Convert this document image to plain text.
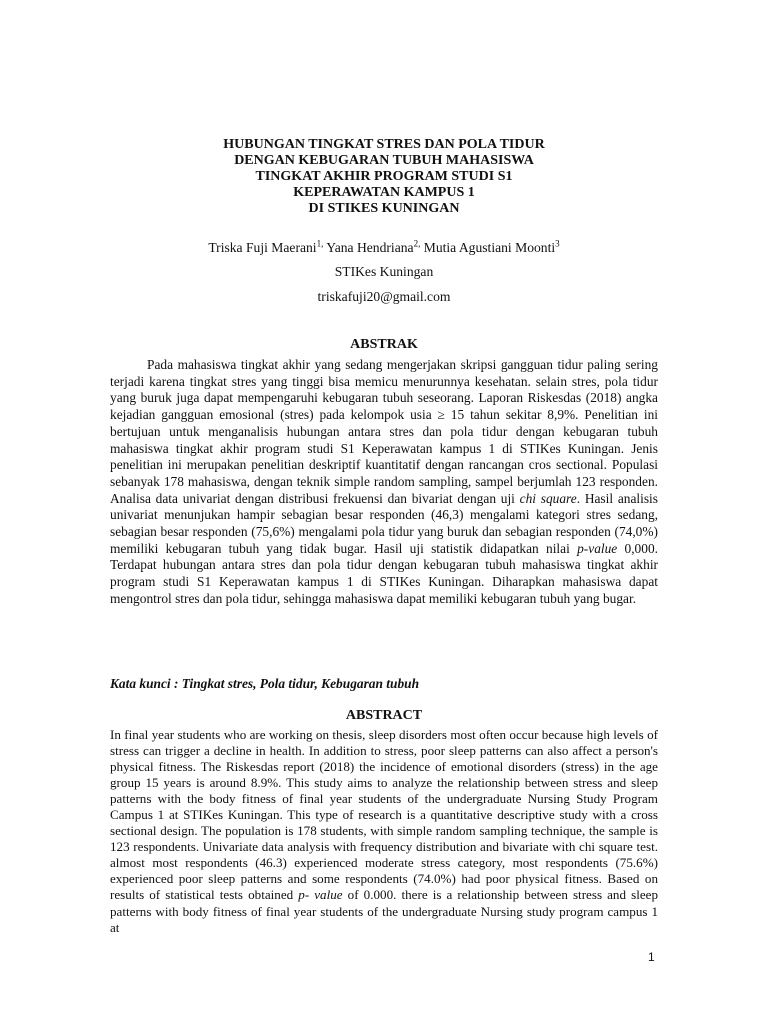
HUBUNGAN TINGKAT STRES DAN POLA TIDUR
DENGAN KEBUGARAN TUBUH MAHASISWA
TINGKAT AKHIR PROGRAM STUDI S1
KEPERAWATAN KAMPUS 1
DI STIKES KUNINGAN
Triska Fuji Maerani$^{1,}$ Yana Hendriana$^{2,}$ Mutia Agustiani Moonti$^3$
STIKes Kuningan
triskafuji20@gmail.com
ABSTRAK

Pada mahasiswa tingkat akhir yang sedang mengerjakan skripsi gangguan tidur paling sering terjadi karena tingkat stres yang tinggi bisa memicu menurunnya kesehatan. selain stres, pola tidur yang buruk juga dapat mempengaruhi kebugaran tubuh seseorang. Laporan Riskesdas (2018) angka kejadian gangguan emosional (stres) pada kelompok usia ≥ 15 tahun sekitar 8,9%. Penelitian ini bertujuan untuk menganalisis hubungan antara stres dan pola tidur dengan kebugaran tubuh mahasiswa tingkat akhir program studi S1 Keperawatan kampus 1 di STIKes Kuningan. Jenis penelitian ini merupakan penelitian deskriptif kuantitatif dengan rancangan cros sectional. Populasi sebanyak 178 mahasiswa, dengan teknik simple random sampling, sampel berjumlah 123 responden. Analisa data univariat dengan distribusi frekuensi dan bivariat dengan uji chi square. Hasil analisis univariat menunjukan hampir sebagian besar responden (46,3) mengalami kategori stres sedang, sebagian besar responden (75,6%) mengalami pola tidur yang buruk dan sebagian responden (74,0%) memiliki kebugaran tubuh yang tidak bugar. Hasil uji statistik didapatkan nilai p-value 0,000. Terdapat hubungan antara stres dan pola tidur dengan kebugaran tubuh mahasiswa tingkat akhir program studi S1 Keperawatan kampus 1 di STIKes Kuningan. Diharapkan mahasiswa dapat mengontrol stres dan pola tidur, sehingga mahasiswa dapat memiliki kebugaran tubuh yang bugar.

Kata kunci : Tingkat stres, Pola tidur, Kebugaran tubuh
ABSTRACT

In final year students who are working on thesis, sleep disorders most often occur because high levels of stress can trigger a decline in health. In addition to stress, poor sleep patterns can also affect a person's physical fitness. The Riskesdas report (2018) the incidence of emotional disorders (stress) in the age group 15 years is around 8.9%. This study aims to analyze the relationship between stress and sleep patterns with the body fitness of final year students of the undergraduate Nursing Study Program Campus 1 at STIKes Kuningan. This type of research is a quantitative descriptive study with a cross sectional design. The population is 178 students, with simple random sampling technique, the sample is 123 respondents. Univariate data analysis with frequency distribution and bivariate with chi square test. almost most respondents (46.3) experienced moderate stress category, most respondents (75.6%) experienced poor sleep patterns and some respondents (74.0%) had poor physical fitness. Based on results of statistical tests obtained p- value of 0.000. there is a relationship between stress and sleep patterns with body fitness of final year students of the undergraduate Nursing study program campus 1 at

1
